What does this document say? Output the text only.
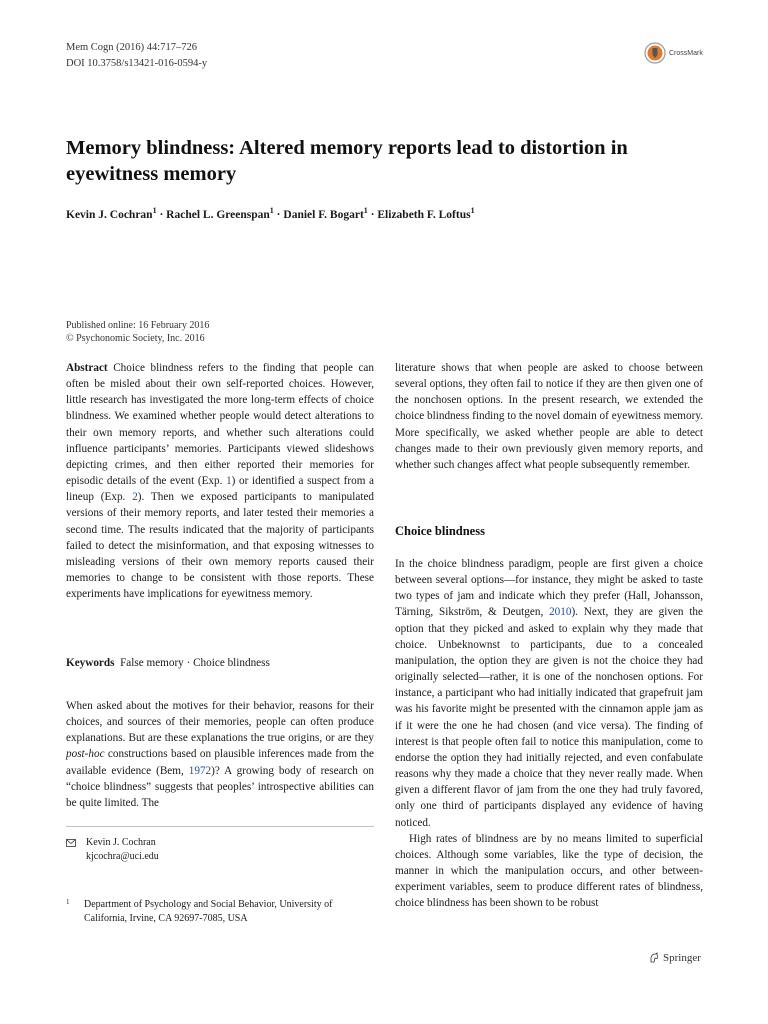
Mem Cogn (2016) 44:717–726
DOI 10.3758/s13421-016-0594-y
CrossMark
Memory blindness: Altered memory reports lead to distortion in eyewitness memory
Kevin J. Cochran$^1$ · Rachel L. Greenspan$^1$ · Daniel F. Bogart$^1$ · Elizabeth F. Loftus$^1$
Published online: 16 February 2016
© Psychonomic Society, Inc. 2016

Abstract Choice blindness refers to the finding that people can often be misled about their own self-reported choices. However, little research has investigated the more long-term effects of choice blindness. We examined whether people would detect alterations to their own memory reports, and whether such alterations could influence participants’ memories. Participants viewed slideshows depicting crimes, and then either reported their memories for episodic details of the event (Exp. 1) or identified a suspect from a lineup (Exp. 2). Then we exposed participants to manipulated versions of their memory reports, and later tested their memories a second time. The results indicated that the majority of participants failed to detect the misinformation, and that exposing witnesses to misleading versions of their own memory reports caused their memories to change to be consistent with those reports. These experiments have implications for eyewitness memory.

Keywords False memory · Choice blindness

When asked about the motives for their behavior, reasons for their choices, and sources of their memories, people can often produce explanations. But are these explanations the true origins, or are they post-hoc constructions based on plausible inferences made from the available evidence (Bem, 1972)? A growing body of research on “choice blindness” suggests that peoples’ introspective abilities can be quite limited. The

literature shows that when people are asked to choose between several options, they often fail to notice if they are then given one of the nonchosen options. In the present research, we extended the choice blindness finding to the novel domain of eyewitness memory. More specifically, we asked whether people are able to detect changes made to their own previously given memory reports, and whether such changes affect what people subsequently remember.

Choice blindness

In the choice blindness paradigm, people are first given a choice between several options—for instance, they might be asked to taste two types of jam and indicate which they prefer (Hall, Johansson, Tärning, Sikström, & Deutgen, 2010). Next, they are given the option that they picked and asked to explain why they made that choice. Unbeknownst to participants, due to a concealed manipulation, the option they are given is not the choice they had originally selected—rather, it is one of the nonchosen options. For instance, a participant who had initially indicated that grapefruit jam was his favorite might be presented with the cinnamon apple jam as if it were the one he had chosen (and vice versa). The finding of interest is that people often fail to notice this manipulation, come to endorse the option they had initially rejected, and even confabulate reasons why they made a choice that they never really made. When given a different flavor of jam from the one they had truly favored, only one third of participants displayed any evidence of having noticed.

High rates of blindness are by no means limited to superficial choices. Although some variables, like the type of decision, the manner in which the manipulation occurs, and other between-experiment variables, seem to produce different rates of blindness, choice blindness has been shown to be robust

Kevin J. Cochran
kjcochra@uci.edu
1 Department of Psychology and Social Behavior, University of California, Irvine, CA 92697-7085, USA
Springer
